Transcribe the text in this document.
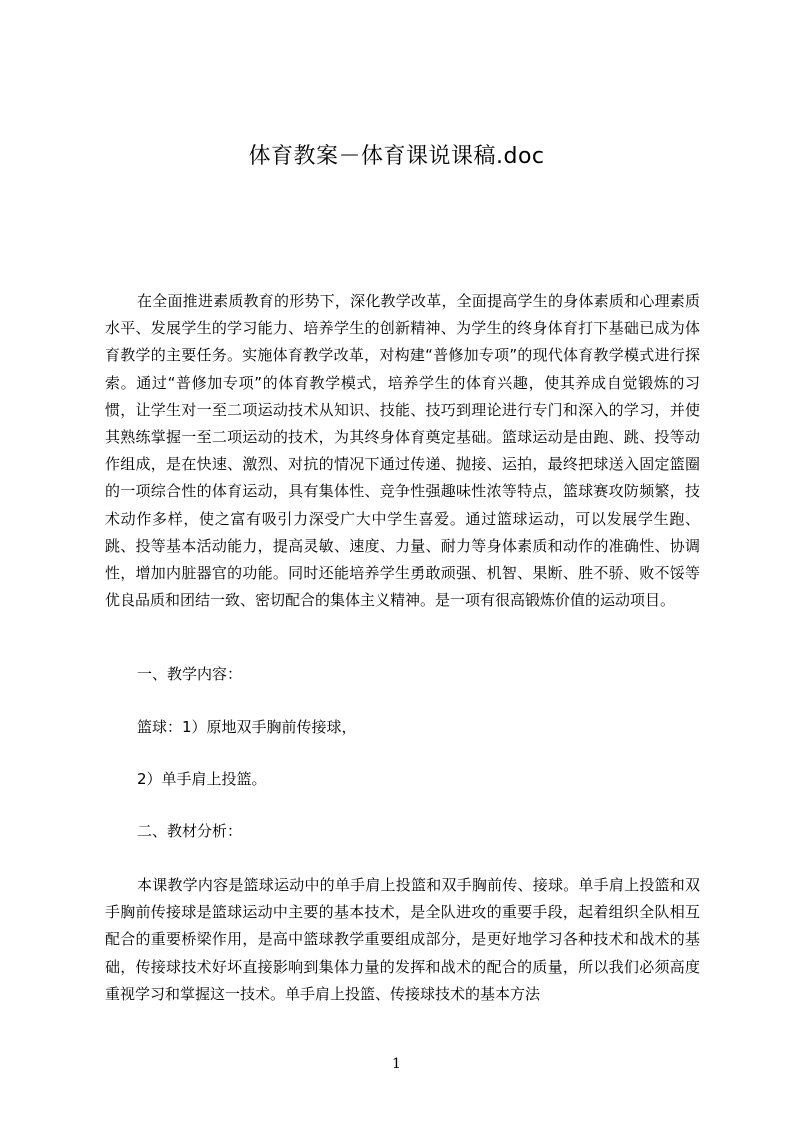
体育教案－体育课说课稿.doc

在全面推进素质教育的形势下，深化教学改革，全面提高学生的身体素质和心理素质水平、发展学生的学习能力、培养学生的创新精神、为学生的终身体育打下基础已成为体育教学的主要任务。实施体育教学改革，对构建“普修加专项”的现代体育教学模式进行探索。通过“普修加专项”的体育教学模式，培养学生的体育兴趣，使其养成自觉锻炼的习惯，让学生对一至二项运动技术从知识、技能、技巧到理论进行专门和深入的学习，并使其熟练掌握一至二项运动的技术，为其终身体育奠定基础。篮球运动是由跑、跳、投等动作组成，是在快速、激烈、对抗的情况下通过传递、抛接、运拍，最终把球送入固定篮圈的一项综合性的体育运动，具有集体性、竞争性强趣味性浓等特点，篮球赛攻防频繁，技术动作多样，使之富有吸引力深受广大中学生喜爱。通过篮球运动，可以发展学生跑、跳、投等基本活动能力，提高灵敏、速度、力量、耐力等身体素质和动作的准确性、协调性，增加内脏器官的功能。同时还能培养学生勇敢顽强、机智、果断、胜不骄、败不馁等优良品质和团结一致、密切配合的集体主义精神。是一项有很高锻炼价值的运动项目。

一、教学内容：

篮球：1）原地双手胸前传接球，

2）单手肩上投篮。

二、教材分析：

本课教学内容是篮球运动中的单手肩上投篮和双手胸前传、接球。单手肩上投篮和双手胸前传接球是篮球运动中主要的基本技术，是全队进攻的重要手段，起着组织全队相互配合的重要桥梁作用，是高中篮球教学重要组成部分，是更好地学习各种技术和战术的基础，传接球技术好坏直接影响到集体力量的发挥和战术的配合的质量，所以我们必须高度重视学习和掌握这一技术。单手肩上投篮、传接球技术的基本方法

1
